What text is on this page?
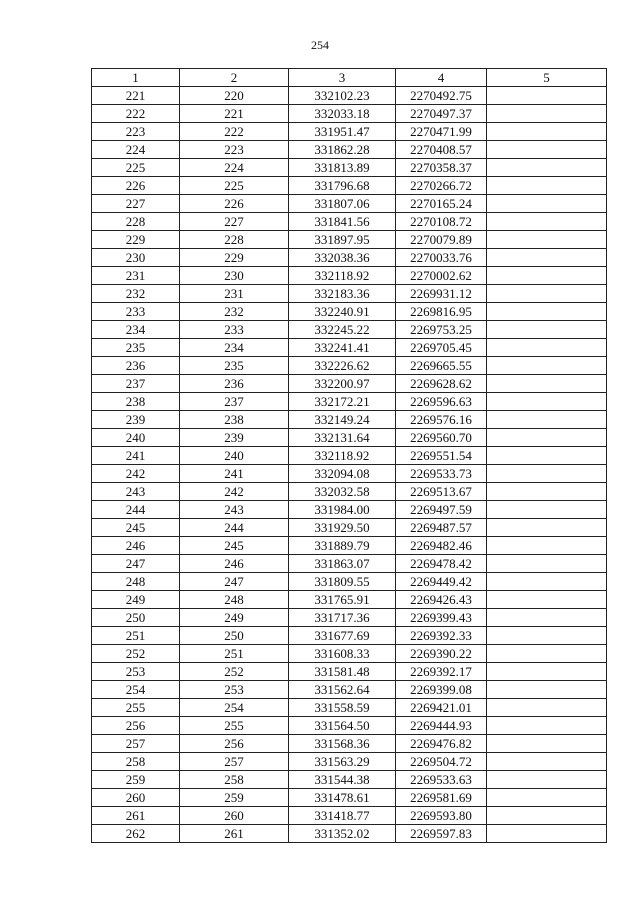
254
1	2	3	4	5
221	220	332102.23	2270492.75	
222	221	332033.18	2270497.37	
223	222	331951.47	2270471.99	
224	223	331862.28	2270408.57	
225	224	331813.89	2270358.37	
226	225	331796.68	2270266.72	
227	226	331807.06	2270165.24	
228	227	331841.56	2270108.72	
229	228	331897.95	2270079.89	
230	229	332038.36	2270033.76	
231	230	332118.92	2270002.62	
232	231	332183.36	2269931.12	
233	232	332240.91	2269816.95	
234	233	332245.22	2269753.25	
235	234	332241.41	2269705.45	
236	235	332226.62	2269665.55	
237	236	332200.97	2269628.62	
238	237	332172.21	2269596.63	
239	238	332149.24	2269576.16	
240	239	332131.64	2269560.70	
241	240	332118.92	2269551.54	
242	241	332094.08	2269533.73	
243	242	332032.58	2269513.67	
244	243	331984.00	2269497.59	
245	244	331929.50	2269487.57	
246	245	331889.79	2269482.46	
247	246	331863.07	2269478.42	
248	247	331809.55	2269449.42	
249	248	331765.91	2269426.43	
250	249	331717.36	2269399.43	
251	250	331677.69	2269392.33	
252	251	331608.33	2269390.22	
253	252	331581.48	2269392.17	
254	253	331562.64	2269399.08	
255	254	331558.59	2269421.01	
256	255	331564.50	2269444.93	
257	256	331568.36	2269476.82	
258	257	331563.29	2269504.72	
259	258	331544.38	2269533.63	
260	259	331478.61	2269581.69	
261	260	331418.77	2269593.80	
262	261	331352.02	2269597.83	
